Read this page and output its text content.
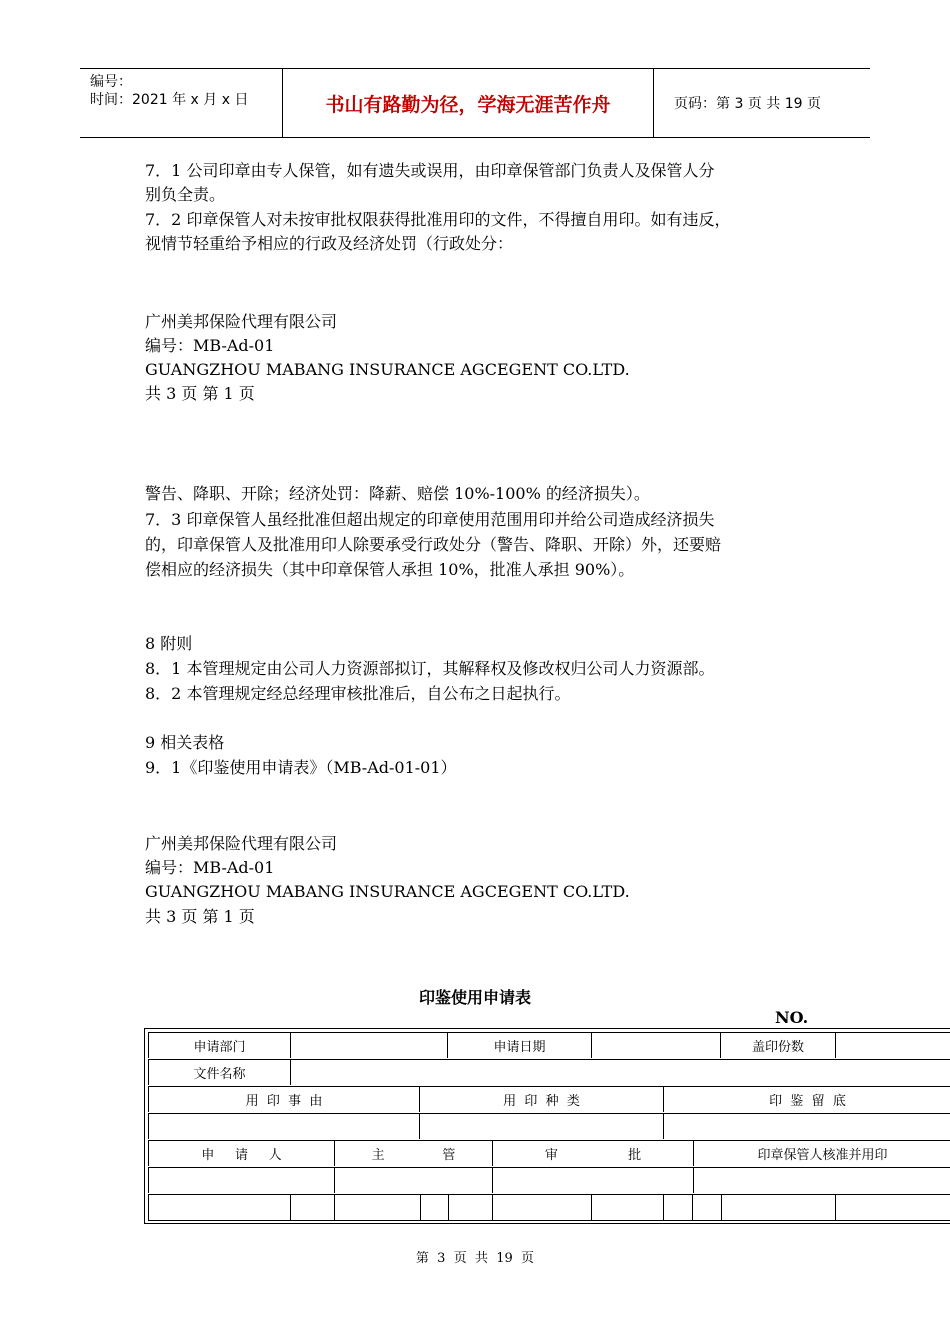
编号：
时间：2021 年 x 月 x 日	书山有路勤为径，学海无涯苦作舟	页码：第 3 页 共 19 页
7．1 公司印章由专人保管，如有遗失或误用，由印章保管部门负责人及保管人分
别负全责。
7．2 印章保管人对未按审批权限获得批准用印的文件，不得擅自用印。如有违反，
视情节轻重给予相应的行政及经济处罚（行政处分：
广州美邦保险代理有限公司
编号：MB-Ad-01
GUANGZHOU MABANG INSURANCE AGCEGENT CO.LTD.
共 3 页 第 1 页
警告、降职、开除；经济处罚：降薪、赔偿 10%-100% 的经济损失）。
7．3 印章保管人虽经批准但超出规定的印章使用范围用印并给公司造成经济损失
的，印章保管人及批准用印人除要承受行政处分（警告、降职、开除）外，还要赔
偿相应的经济损失（其中印章保管人承担 10%，批准人承担 90%）。
8 附则
8．1 本管理规定由公司人力资源部拟订，其解释权及修改权归公司人力资源部。
8．2 本管理规定经总经理审核批准后，自公布之日起执行。
9 相关表格
9．1《印鉴使用申请表》（MB-Ad-01-01）
广州美邦保险代理有限公司
编号：MB-Ad-01
GUANGZHOU MABANG INSURANCE AGCEGENT CO.LTD.
共 3 页 第 1 页
印鉴使用申请表
NO.
申请部门	申请日期	盖印份数
文件名称
用  印  事  由	用  印  种  类	印  鉴  留  底
申     请     人	主              管	审                 批	印章保管人核准并用印
第  3  页  共  19  页
